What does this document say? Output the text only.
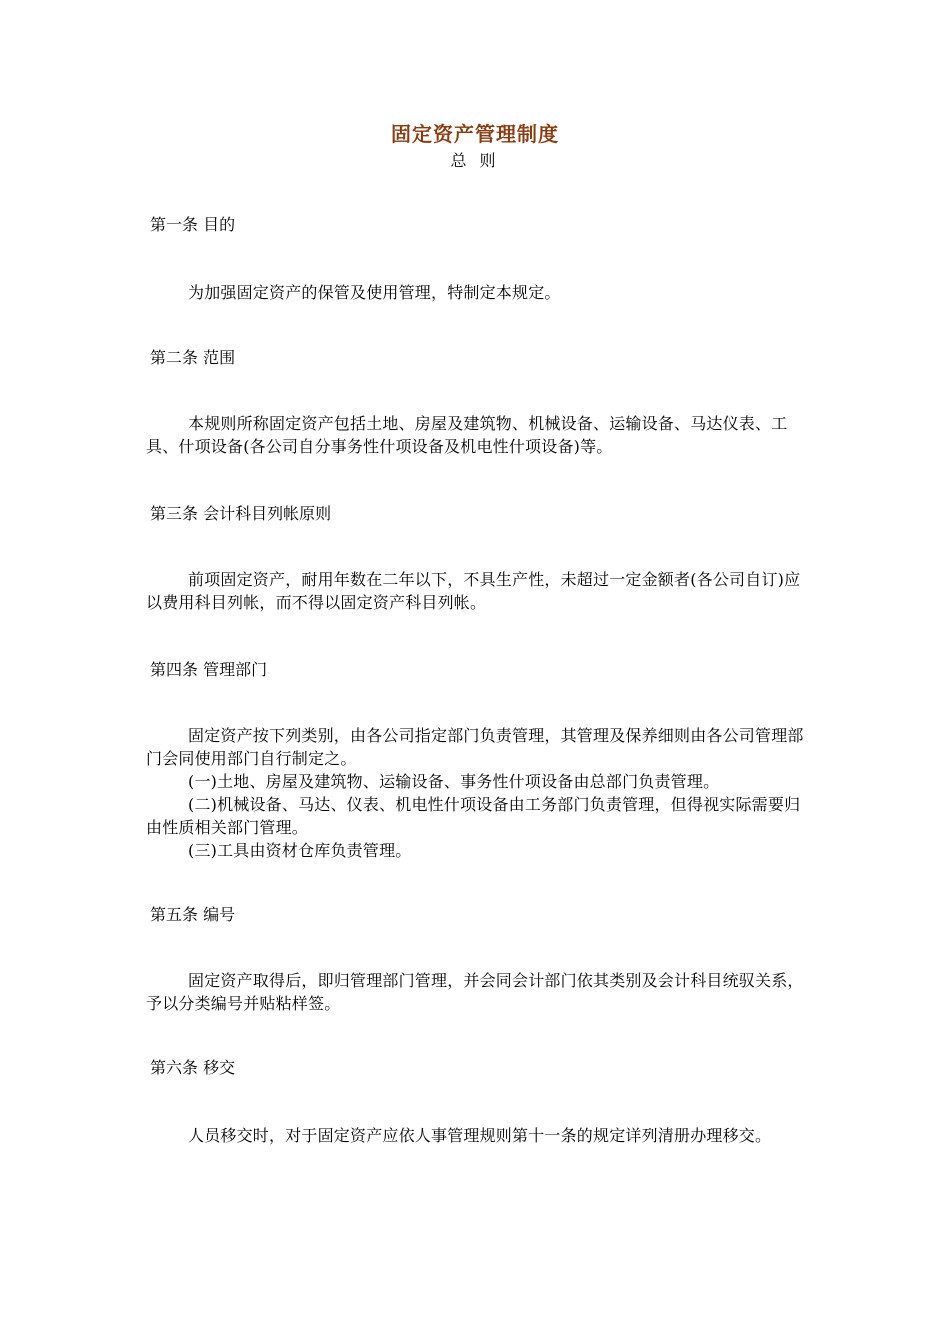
固定资产管理制度
总 则
第一条 目的

为加强固定资产的保管及使用管理，特制定本规定。

第二条 范围

本规则所称固定资产包括土地、房屋及建筑物、机械设备、运输设备、马达仪表、工具、什项设备(各公司自分事务性什项设备及机电性什项设备)等。

第三条 会计科目列帐原则

前项固定资产，耐用年数在二年以下，不具生产性，未超过一定金额者(各公司自订)应以费用科目列帐，而不得以固定资产科目列帐。

第四条 管理部门

固定资产按下列类别，由各公司指定部门负责管理，其管理及保养细则由各公司管理部门会同使用部门自行制定之。

(一)土地、房屋及建筑物、运输设备、事务性什项设备由总部门负责管理。

(二)机械设备、马达、仪表、机电性什项设备由工务部门负责管理，但得视实际需要归由性质相关部门管理。

(三)工具由资材仓库负责管理。

第五条 编号

固定资产取得后，即归管理部门管理，并会同会计部门依其类别及会计科目统驭关系，予以分类编号并贴粘样签。

第六条 移交

人员移交时，对于固定资产应依人事管理规则第十一条的规定详列清册办理移交。
